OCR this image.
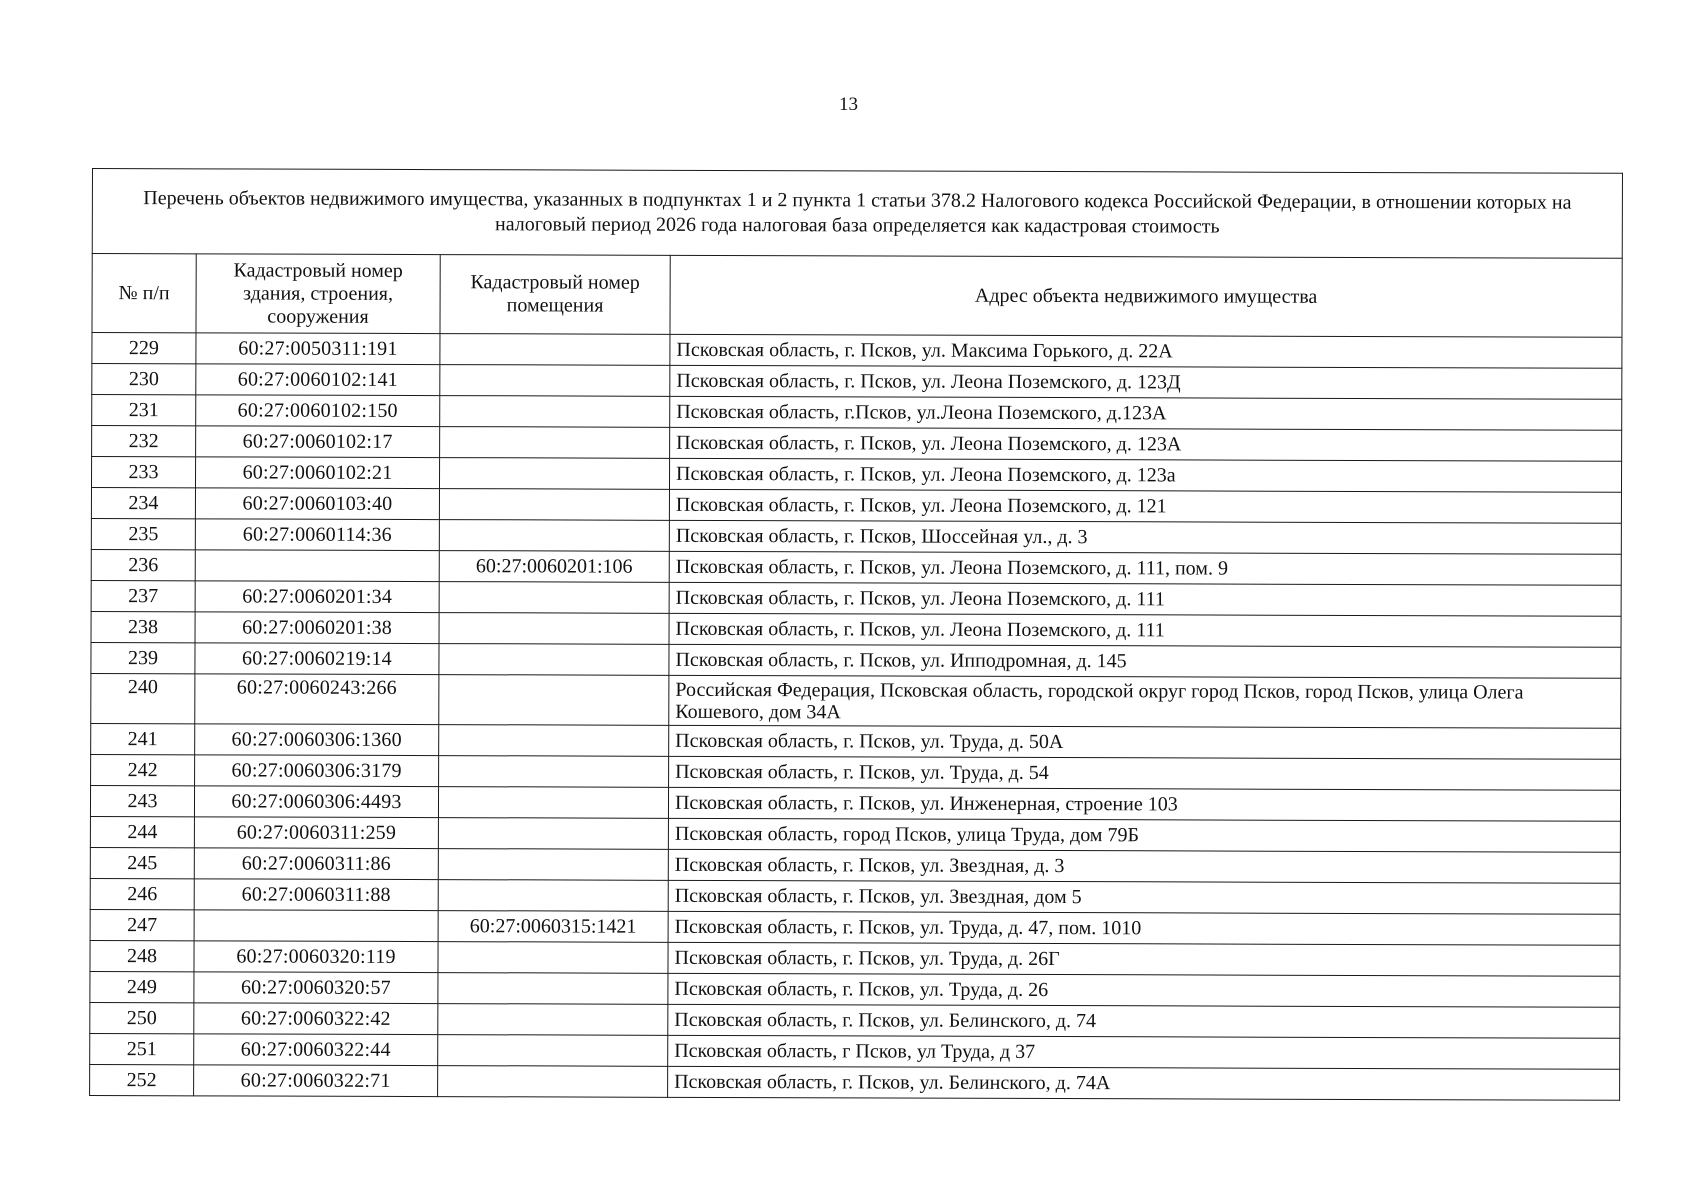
13
Перечень объектов недвижимого имущества, указанных в подпунктах 1 и 2 пункта 1 статьи 378.2 Налогового кодекса Российской Федерации, в отношении которых на налоговый период 2026 года налоговая база определяется как кадастровая стоимость			
№ п/п	Кадастровый номер здания, строения, сооружения	Кадастровый номер помещения	Адрес объекта недвижимого имущества
229	60:27:0050311:191		Псковская область, г. Псков, ул. Максима Горького, д. 22А
230	60:27:0060102:141		Псковская область, г. Псков, ул. Леона Поземского, д. 123Д
231	60:27:0060102:150		Псковская область, г.Псков, ул.Леона Поземского, д.123А
232	60:27:0060102:17		Псковская область, г. Псков, ул. Леона Поземского, д. 123А
233	60:27:0060102:21		Псковская область, г. Псков, ул. Леона Поземского, д. 123а
234	60:27:0060103:40		Псковская область, г. Псков, ул. Леона Поземского, д. 121
235	60:27:0060114:36		Псковская область, г. Псков, Шоссейная ул., д. 3
236		60:27:0060201:106	Псковская область, г. Псков, ул. Леона Поземского, д. 111, пом. 9
237	60:27:0060201:34		Псковская область, г. Псков, ул. Леона Поземского, д. 111
238	60:27:0060201:38		Псковская область, г. Псков, ул. Леона Поземского, д. 111
239	60:27:0060219:14		Псковская область, г. Псков, ул. Ипподромная, д. 145
240	60:27:0060243:266		Российская Федерация, Псковская область, городской округ город Псков, город Псков, улица Олега Кошевого, дом 34А
241	60:27:0060306:1360		Псковская область, г. Псков, ул. Труда, д. 50А
242	60:27:0060306:3179		Псковская область, г. Псков, ул. Труда, д. 54
243	60:27:0060306:4493		Псковская область, г. Псков, ул. Инженерная, строение 103
244	60:27:0060311:259		Псковская область, город Псков, улица Труда, дом 79Б
245	60:27:0060311:86		Псковская область, г. Псков, ул. Звездная, д. 3
246	60:27:0060311:88		Псковская область, г. Псков, ул. Звездная, дом 5
247		60:27:0060315:1421	Псковская область, г. Псков, ул. Труда, д. 47, пом. 1010
248	60:27:0060320:119		Псковская область, г. Псков, ул. Труда, д. 26Г
249	60:27:0060320:57		Псковская область, г. Псков, ул. Труда, д. 26
250	60:27:0060322:42		Псковская область, г. Псков, ул. Белинского, д. 74
251	60:27:0060322:44		Псковская область, г Псков, ул Труда, д 37
252	60:27:0060322:71		Псковская область, г. Псков, ул. Белинского, д. 74А
